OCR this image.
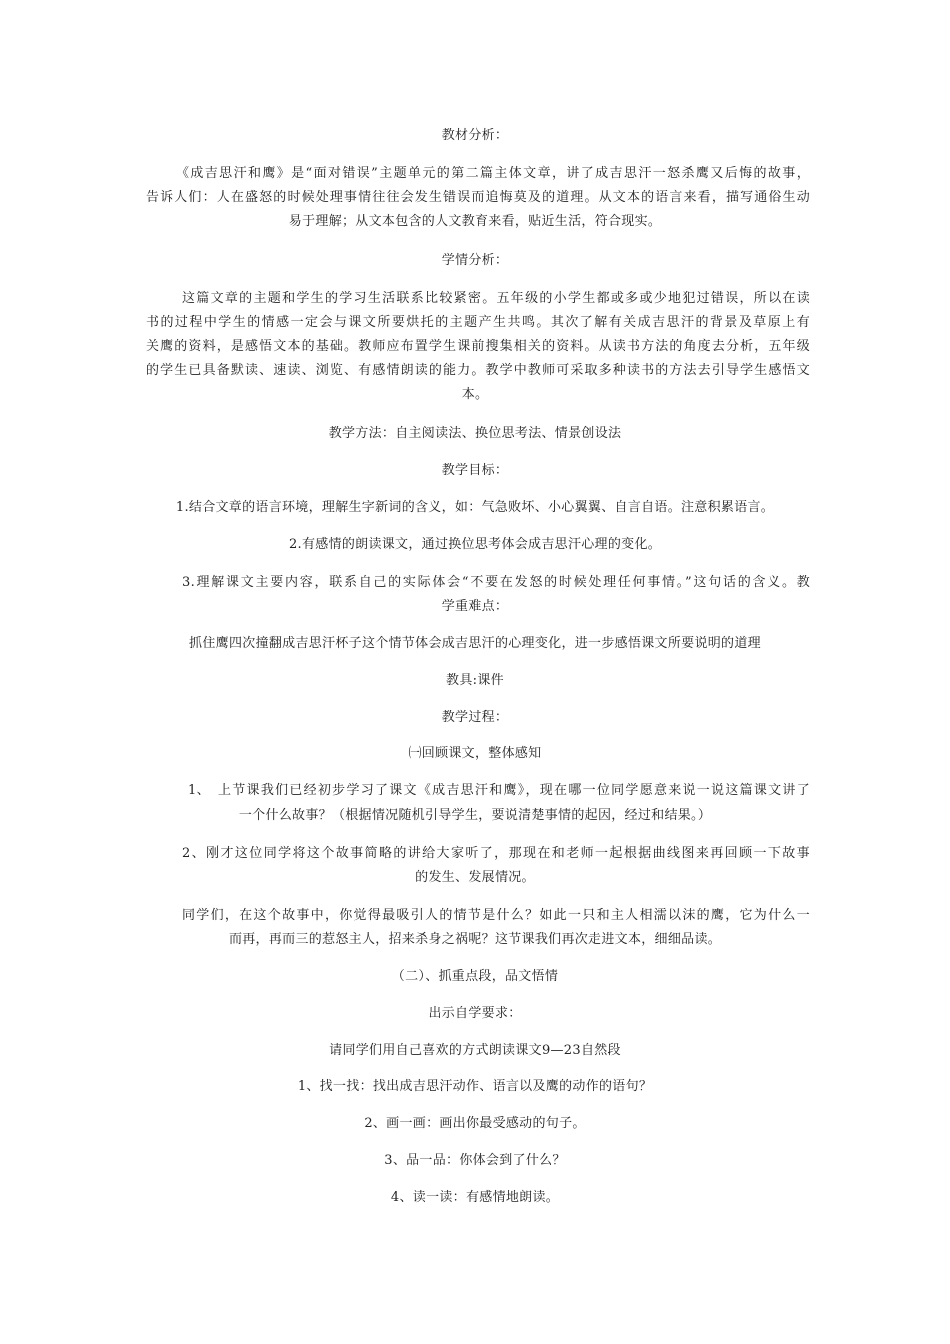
教材分析：
《成吉思汗和鹰》是“面对错误”主题单元的第二篇主体文章，讲了成吉思汗一怒杀鹰又后悔的故事，
告诉人们：人在盛怒的时候处理事情往往会发生错误而追悔莫及的道理。从文本的语言来看，描写通俗生动
易于理解；从文本包含的人文教育来看，贴近生活，符合现实。
学情分析：
这篇文章的主题和学生的学习生活联系比较紧密。五年级的小学生都或多或少地犯过错误，所以在读
书的过程中学生的情感一定会与课文所要烘托的主题产生共鸣。其次了解有关成吉思汗的背景及草原上有
关鹰的资料，是感悟文本的基础。教师应布置学生课前搜集相关的资料。从读书方法的角度去分析，五年级
的学生已具备默读、速读、浏览、有感情朗读的能力。教学中教师可采取多种读书的方法去引导学生感悟文
本。
教学方法：自主阅读法、换位思考法、情景创设法
教学目标：
1.结合文章的语言环境，理解生字新词的含义，如：气急败坏、小心翼翼、自言自语。注意积累语言。
2.有感情的朗读课文，通过换位思考体会成吉思汗心理的变化。
3.理解课文主要内容，联系自己的实际体会“不要在发怒的时候处理任何事情。”这句话的含义。教
学重难点：
抓住鹰四次撞翻成吉思汗杯子这个情节体会成吉思汗的心理变化，进一步感悟课文所要说明的道理
教具:课件
教学过程：
㈠回顾课文，整体感知
1、 上节课我们已经初步学习了课文《成吉思汗和鹰》，现在哪一位同学愿意来说一说这篇课文讲了
一个什么故事？（根据情况随机引导学生，要说清楚事情的起因，经过和结果。）
2、刚才这位同学将这个故事简略的讲给大家听了，那现在和老师一起根据曲线图来再回顾一下故事
的发生、发展情况。
同学们，在这个故事中，你觉得最吸引人的情节是什么？如此一只和主人相濡以沫的鹰，它为什么一
而再，再而三的惹怒主人，招来杀身之祸呢？这节课我们再次走进文本，细细品读。
（二）、抓重点段，品文悟情
出示自学要求：
请同学们用自己喜欢的方式朗读课文9—23自然段
1、找一找：找出成吉思汗动作、语言以及鹰的动作的语句？
2、画一画：画出你最受感动的句子。
3、品一品：你体会到了什么？
4、读一读：有感情地朗读。
